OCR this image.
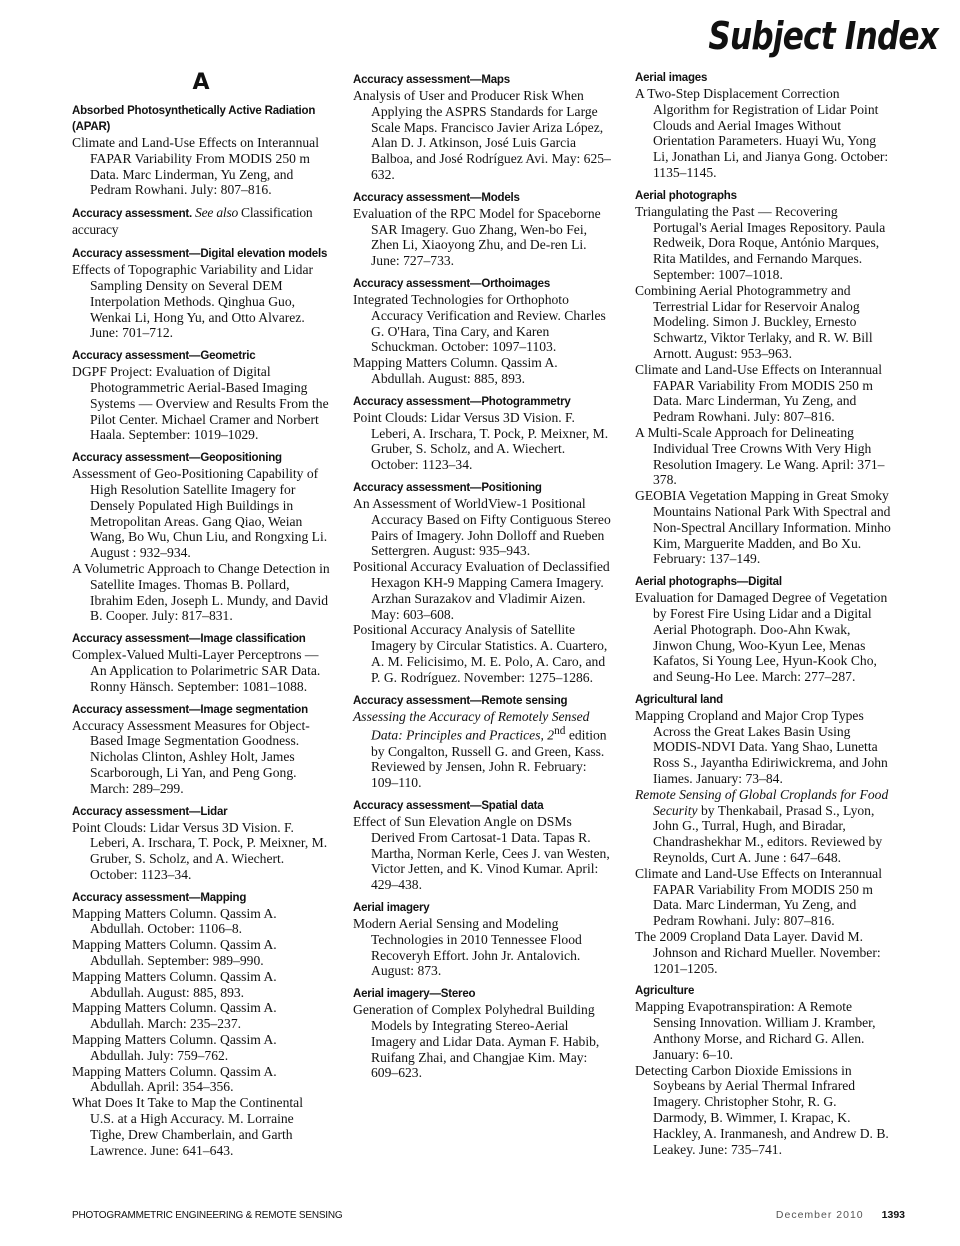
Subject Index
A
Absorbed Photosynthetically Active Radiation (APAR)

Climate and Land-Use Effects on Interannual FAPAR Variability From MODIS 250 m Data. Marc Linderman, Yu Zeng, and Pedram Rowhani. July: 807–816.

Accuracy assessment. See also Classification accuracy
Accuracy assessment—Digital elevation models

Effects of Topographic Variability and Lidar Sampling Density on Several DEM Interpolation Methods. Qinghua Guo, Wenkai Li, Hong Yu, and Otto Alvarez. June: 701–712.

Accuracy assessment—Geometric

DGPF Project: Evaluation of Digital Photogrammetric Aerial-Based Imaging Systems — Overview and Results From the Pilot Center. Michael Cramer and Norbert Haala. September: 1019–1029.

Accuracy assessment—Geopositioning

Assessment of Geo-Positioning Capability of High Resolution Satellite Imagery for Densely Populated High Buildings in Metropolitan Areas. Gang Qiao, Weian Wang, Bo Wu, Chun Liu, and Rongxing Li. August : 932–934.

A Volumetric Approach to Change Detection in Satellite Images. Thomas B. Pollard, Ibrahim Eden, Joseph L. Mundy, and David B. Cooper. July: 817–831.

Accuracy assessment—Image classification

Complex-Valued Multi-Layer Perceptrons — An Application to Polarimetric SAR Data. Ronny Hänsch. September: 1081–1088.

Accuracy assessment—Image segmentation

Accuracy Assessment Measures for Object-Based Image Segmentation Goodness. Nicholas Clinton, Ashley Holt, James Scarborough, Li Yan, and Peng Gong. March: 289–299.

Accuracy assessment—Lidar

Point Clouds: Lidar Versus 3D Vision. F. Leberi, A. Irschara, T. Pock, P. Meixner, M. Gruber, S. Scholz, and A. Wiechert. October: 1123–34.

Accuracy assessment—Mapping

Mapping Matters Column. Qassim A. Abdullah. October: 1106–8.

Mapping Matters Column. Qassim A. Abdullah. September: 989–990.

Mapping Matters Column. Qassim A. Abdullah. August: 885, 893.

Mapping Matters Column. Qassim A. Abdullah. March: 235–237.

Mapping Matters Column. Qassim A. Abdullah. July: 759–762.

Mapping Matters Column. Qassim A. Abdullah. April: 354–356.

What Does It Take to Map the Continental U.S. at a High Accuracy. M. Lorraine Tighe, Drew Chamberlain, and Garth Lawrence. June: 641–643.

Accuracy assessment—Maps

Analysis of User and Producer Risk When Applying the ASPRS Standards for Large Scale Maps. Francisco Javier Ariza López, Alan D. J. Atkinson, José Luis Garcia Balboa, and José Rodríguez Avi. May: 625–632.

Accuracy assessment—Models

Evaluation of the RPC Model for Spaceborne SAR Imagery. Guo Zhang, Wen-bo Fei, Zhen Li, Xiaoyong Zhu, and De-ren Li. June: 727–733.

Accuracy assessment—Orthoimages

Integrated Technologies for Orthophoto Accuracy Verification and Review. Charles G. O'Hara, Tina Cary, and Karen Schuckman. October: 1097–1103.

Mapping Matters Column. Qassim A. Abdullah. August: 885, 893.

Accuracy assessment—Photogrammetry

Point Clouds: Lidar Versus 3D Vision. F. Leberi, A. Irschara, T. Pock, P. Meixner, M. Gruber, S. Scholz, and A. Wiechert. October: 1123–34.

Accuracy assessment—Positioning

An Assessment of WorldView-1 Positional Accuracy Based on Fifty Contiguous Stereo Pairs of Imagery. John Dolloff and Rueben Settergren. August: 935–943.

Positional Accuracy Evaluation of Declassified Hexagon KH-9 Mapping Camera Imagery. Arzhan Surazakov and Vladimir Aizen. May: 603–608.

Positional Accuracy Analysis of Satellite Imagery by Circular Statistics. A. Cuartero, A. M. Felicisimo, M. E. Polo, A. Caro, and P. G. Rodríguez. November: 1275–1286.

Accuracy assessment—Remote sensing

Assessing the Accuracy of Remotely Sensed Data: Principles and Practices, 2nd edition by Congalton, Russell G. and Green, Kass. Reviewed by Jensen, John R. February: 109–110.

Accuracy assessment—Spatial data

Effect of Sun Elevation Angle on DSMs Derived From Cartosat-1 Data. Tapas R. Martha, Norman Kerle, Cees J. van Westen, Victor Jetten, and K. Vinod Kumar. April: 429–438.

Aerial imagery

Modern Aerial Sensing and Modeling Technologies in 2010 Tennessee Flood Recoveryh Effort. John Jr. Antalovich. August: 873.

Aerial imagery—Stereo

Generation of Complex Polyhedral Building Models by Integrating Stereo-Aerial Imagery and Lidar Data. Ayman F. Habib, Ruifang Zhai, and Changjae Kim. May: 609–623.

Aerial images

A Two-Step Displacement Correction Algorithm for Registration of Lidar Point Clouds and Aerial Images Without Orientation Parameters. Huayi Wu, Yong Li, Jonathan Li, and Jianya Gong. October: 1135–1145.

Aerial photographs

Triangulating the Past — Recovering Portugal's Aerial Images Repository. Paula Redweik, Dora Roque, António Marques, Rita Matildes, and Fernando Marques. September: 1007–1018.

Combining Aerial Photogrammetry and Terrestrial Lidar for Reservoir Analog Modeling. Simon J. Buckley, Ernesto Schwartz, Viktor Terlaky, and R. W. Bill Arnott. August: 953–963.

Climate and Land-Use Effects on Interannual FAPAR Variability From MODIS 250 m Data. Marc Linderman, Yu Zeng, and Pedram Rowhani. July: 807–816.

A Multi-Scale Approach for Delineating Individual Tree Crowns With Very High Resolution Imagery. Le Wang. April: 371–378.

GEOBIA Vegetation Mapping in Great Smoky Mountains National Park With Spectral and Non-Spectral Ancillary Information. Minho Kim, Marguerite Madden, and Bo Xu. February: 137–149.

Aerial photographs—Digital

Evaluation for Damaged Degree of Vegetation by Forest Fire Using Lidar and a Digital Aerial Photograph. Doo-Ahn Kwak, Jinwon Chung, Woo-Kyun Lee, Menas Kafatos, Si Young Lee, Hyun-Kook Cho, and Seung-Ho Lee. March: 277–287.

Agricultural land

Mapping Cropland and Major Crop Types Across the Great Lakes Basin Using MODIS-NDVI Data. Yang Shao, Lunetta Ross S., Jayantha Ediriwickrema, and John Iiames. January: 73–84.

Remote Sensing of Global Croplands for Food Security by Thenkabail, Prasad S., Lyon, John G., Turral, Hugh, and Biradar, Chandrashekhar M., editors. Reviewed by Reynolds, Curt A. June : 647–648.

Climate and Land-Use Effects on Interannual FAPAR Variability From MODIS 250 m Data. Marc Linderman, Yu Zeng, and Pedram Rowhani. July: 807–816.

The 2009 Cropland Data Layer. David M. Johnson and Richard Mueller. November: 1201–1205.

Agriculture

Mapping Evapotranspiration: A Remote Sensing Innovation. William J. Kramber, Anthony Morse, and Richard G. Allen. January: 6–10.

Detecting Carbon Dioxide Emissions in Soybeans by Aerial Thermal Infrared Imagery. Christopher Stohr, R. G. Darmody, B. Wimmer, I. Krapac, K. Hackley, A. Iranmanesh, and Andrew D. B. Leakey. June: 735–741.

PHOTOGRAMMETRIC ENGINEERING & REMOTE SENSING	December 2010 1393
